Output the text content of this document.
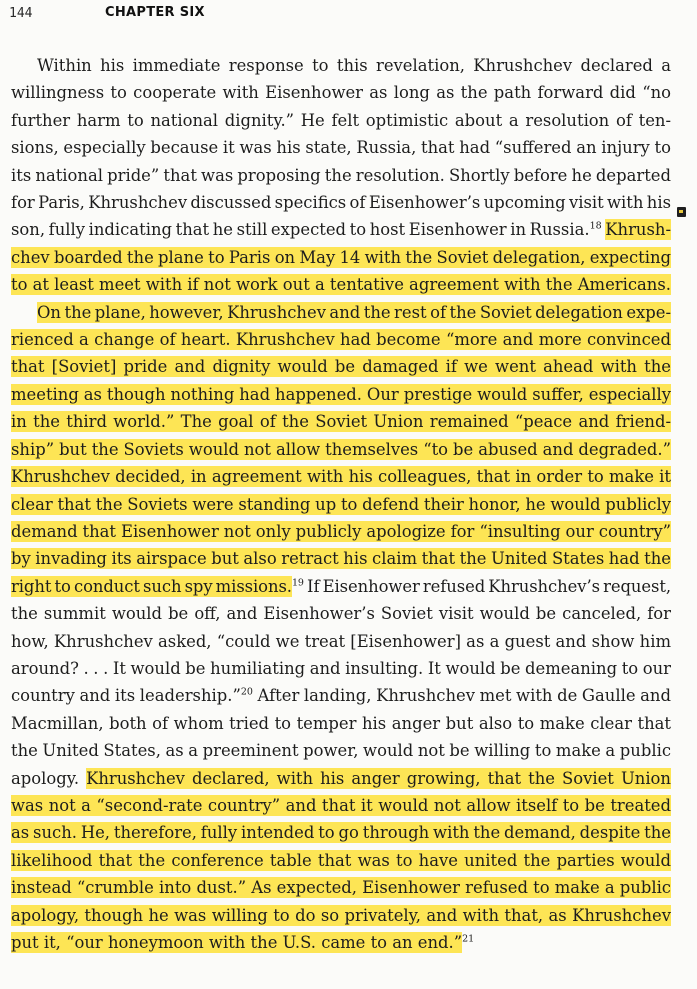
144	CHAPTER SIX
Within his immediate response to this revelation, Khrushchev declared a
willingness to cooperate with Eisenhower as long as the path forward did “no
further harm to national dignity.” He felt optimistic about a resolution of ten-
sions, especially because it was his state, Russia, that had “suffered an injury to
its national pride” that was proposing the resolution. Shortly before he departed
for Paris, Khrushchev discussed specifics of Eisenhower’s upcoming visit with his
son, fully indicating that he still expected to host Eisenhower in Russia.$^{18}$ Khrush-
chev boarded the plane to Paris on May 14 with the Soviet delegation, expecting
to at least meet with if not work out a tentative agreement with the Americans.
On the plane, however, Khrushchev and the rest of the Soviet delegation expe-
rienced a change of heart. Khrushchev had become “more and more convinced
that [Soviet] pride and dignity would be damaged if we went ahead with the
meeting as though nothing had happened. Our prestige would suffer, especially
in the third world.” The goal of the Soviet Union remained “peace and friend-
ship” but the Soviets would not allow themselves “to be abused and degraded.”
Khrushchev decided, in agreement with his colleagues, that in order to make it
clear that the Soviets were standing up to defend their honor, he would publicly
demand that Eisenhower not only publicly apologize for “insulting our country”
by invading its airspace but also retract his claim that the United States had the
right to conduct such spy missions.$^{19}$ If Eisenhower refused Khrushchev’s request,
the summit would be off, and Eisenhower’s Soviet visit would be canceled, for
how, Khrushchev asked, “could we treat [Eisenhower] as a guest and show him
around? . . . It would be humiliating and insulting. It would be demeaning to our
country and its leadership.”$^{20}$ After landing, Khrushchev met with de Gaulle and
Macmillan, both of whom tried to temper his anger but also to make clear that
the United States, as a preeminent power, would not be willing to make a public
apology. Khrushchev declared, with his anger growing, that the Soviet Union
was not a “second-rate country” and that it would not allow itself to be treated
as such. He, therefore, fully intended to go through with the demand, despite the
likelihood that the conference table that was to have united the parties would
instead “crumble into dust.” As expected, Eisenhower refused to make a public
apology, though he was willing to do so privately, and with that, as Khrushchev
put it, “our honeymoon with the U.S. came to an end.”$^{21}$
